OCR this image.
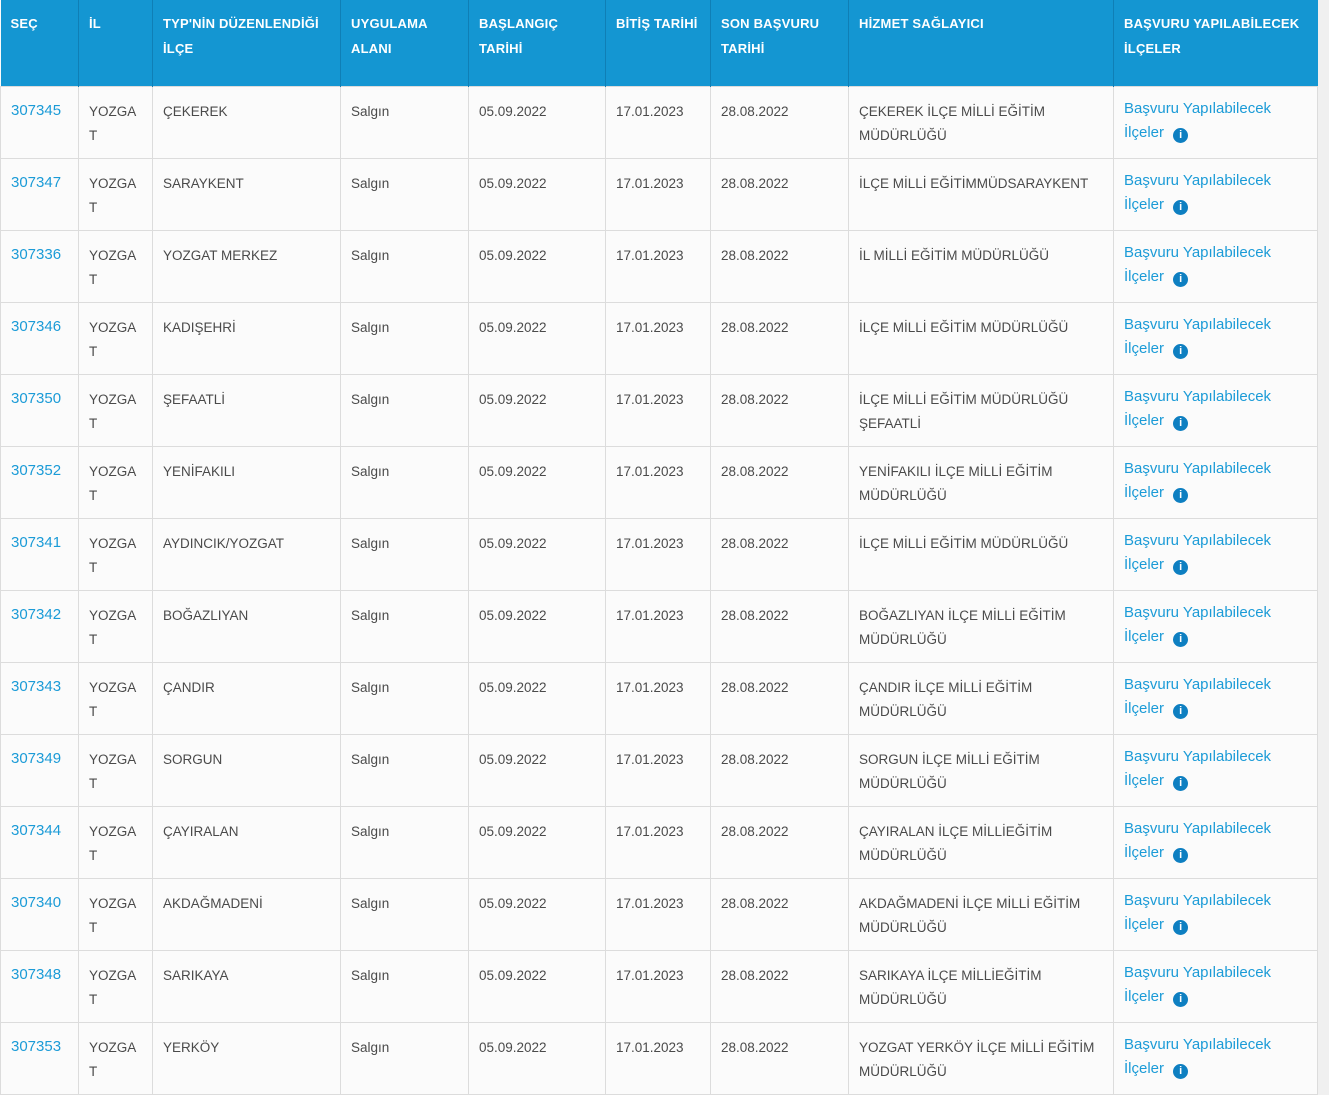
SEÇ	İL	TYP'NİN DÜZENLENDİĞİ İLÇE	UYGULAMA ALANI	BAŞLANGIÇ TARİHİ	BİTİŞ TARİHİ	SON BAŞVURU TARİHİ	HİZMET SAĞLAYICI	BAŞVURU YAPILABİLECEK İLÇELER
307345	YOZGAT	ÇEKEREK	Salgın	05.09.2022	17.01.2023	28.08.2022	ÇEKEREK İLÇE MİLLİ EĞİTİM MÜDÜRLÜĞÜ	Başvuru Yapılabilecek İlçeler i
307347	YOZGAT	SARAYKENT	Salgın	05.09.2022	17.01.2023	28.08.2022	İLÇE MİLLİ EĞİTİMMÜDSARAYKENT	Başvuru Yapılabilecek İlçeler i
307336	YOZGAT	YOZGAT MERKEZ	Salgın	05.09.2022	17.01.2023	28.08.2022	İL MİLLİ EĞİTİM MÜDÜRLÜĞÜ	Başvuru Yapılabilecek İlçeler i
307346	YOZGAT	KADIŞEHRİ	Salgın	05.09.2022	17.01.2023	28.08.2022	İLÇE MİLLİ EĞİTİM MÜDÜRLÜĞÜ	Başvuru Yapılabilecek İlçeler i
307350	YOZGAT	ŞEFAATLİ	Salgın	05.09.2022	17.01.2023	28.08.2022	İLÇE MİLLİ EĞİTİM MÜDÜRLÜĞÜ ŞEFAATLİ	Başvuru Yapılabilecek İlçeler i
307352	YOZGAT	YENİFAKILI	Salgın	05.09.2022	17.01.2023	28.08.2022	YENİFAKILI İLÇE MİLLİ EĞİTİM MÜDÜRLÜĞÜ	Başvuru Yapılabilecek İlçeler i
307341	YOZGAT	AYDINCIK/YOZGAT	Salgın	05.09.2022	17.01.2023	28.08.2022	İLÇE MİLLİ EĞİTİM MÜDÜRLÜĞÜ	Başvuru Yapılabilecek İlçeler i
307342	YOZGAT	BOĞAZLIYAN	Salgın	05.09.2022	17.01.2023	28.08.2022	BOĞAZLIYAN İLÇE MİLLİ EĞİTİM MÜDÜRLÜĞÜ	Başvuru Yapılabilecek İlçeler i
307343	YOZGAT	ÇANDIR	Salgın	05.09.2022	17.01.2023	28.08.2022	ÇANDIR İLÇE MİLLİ EĞİTİM MÜDÜRLÜĞÜ	Başvuru Yapılabilecek İlçeler i
307349	YOZGAT	SORGUN	Salgın	05.09.2022	17.01.2023	28.08.2022	SORGUN İLÇE MİLLİ EĞİTİM MÜDÜRLÜĞÜ	Başvuru Yapılabilecek İlçeler i
307344	YOZGAT	ÇAYIRALAN	Salgın	05.09.2022	17.01.2023	28.08.2022	ÇAYIRALAN İLÇE MİLLİEĞİTİM MÜDÜRLÜĞÜ	Başvuru Yapılabilecek İlçeler i
307340	YOZGAT	AKDAĞMADENİ	Salgın	05.09.2022	17.01.2023	28.08.2022	AKDAĞMADENİ İLÇE MİLLİ EĞİTİM MÜDÜRLÜĞÜ	Başvuru Yapılabilecek İlçeler i
307348	YOZGAT	SARIKAYA	Salgın	05.09.2022	17.01.2023	28.08.2022	SARIKAYA İLÇE MİLLİEĞİTİM MÜDÜRLÜĞÜ	Başvuru Yapılabilecek İlçeler i
307353	YOZGAT	YERKÖY	Salgın	05.09.2022	17.01.2023	28.08.2022	YOZGAT YERKÖY İLÇE MİLLİ EĞİTİM MÜDÜRLÜĞÜ	Başvuru Yapılabilecek İlçeler i
